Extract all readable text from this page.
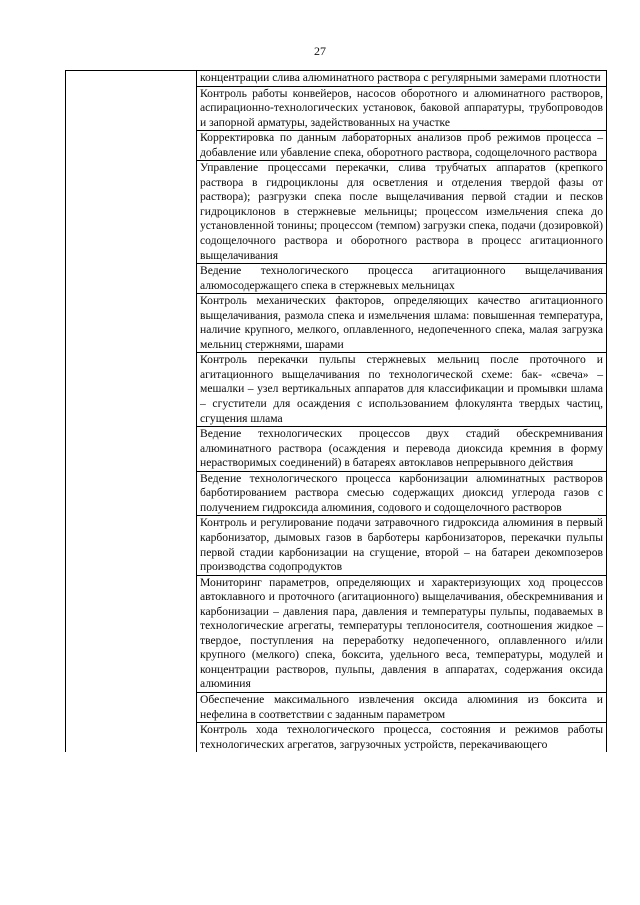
27
	концентрации слива алюминатного раствора с регулярными замерами плотности
Контроль работы конвейеров, насосов оборотного и алюминатного растворов, аспирационно-технологических установок, баковой аппаратуры, трубопроводов и запорной арматуры, задействованных на участке
Корректировка по данным лабораторных анализов проб режимов процесса – добавление или убавление спека, оборотного раствора, содощелочного раствора
Управление процессами перекачки, слива трубчатых аппаратов (крепкого раствора в гидроциклоны для осветления и отделения твердой фазы от раствора); разгрузки спека после выщелачивания первой стадии и песков гидроциклонов в стержневые мельницы; процессом измельчения спека до установленной тонины; процессом (темпом) загрузки спека, подачи (дозировкой) содощелочного раствора и оборотного раствора в процесс агитационного выщелачивания
Ведение технологического процесса агитационного выщелачивания алюмосодержащего спека в стержневых мельницах
Контроль механических факторов, определяющих качество агитационного выщелачивания, размола спека и измельчения шлама: повышенная температура, наличие крупного, мелкого, оплавленного, недопеченного спека, малая загрузка мельниц стержнями, шарами
Контроль перекачки пульпы стержневых мельниц после проточного и агитационного выщелачивания по технологической схеме: бак- «свеча» – мешалки – узел вертикальных аппаратов для классификации и промывки шлама – сгустители для осаждения с использованием флокулянта твердых частиц, сгущения шлама
Ведение технологических процессов двух стадий обескремнивания алюминатного раствора (осаждения и перевода диоксида кремния в форму нерастворимых соединений) в батареях автоклавов непрерывного действия
Ведение технологического процесса карбонизации алюминатных растворов барботированием раствора смесью содержащих диоксид углерода газов с получением гидроксида алюминия, содового и содощелочного растворов
Контроль и регулирование подачи затравочного гидроксида алюминия в первый карбонизатор, дымовых газов в барботеры карбонизаторов, перекачки пульпы первой стадии карбонизации на сгущение, второй – на батареи декомпозеров производства содопродуктов
Мониторинг параметров, определяющих и характеризующих ход процессов автоклавного и проточного (агитационного) выщелачивания, обескремнивания и карбонизации – давления пара, давления и температуры пульпы, подаваемых в технологические агрегаты, температуры теплоносителя, соотношения жидкое – твердое, поступления на переработку недопеченного, оплавленного и/или крупного (мелкого) спека, боксита, удельного веса, температуры, модулей и концентрации растворов, пульпы, давления в аппаратах, содержания оксида алюминия
Обеспечение максимального извлечения оксида алюминия из боксита и нефелина в соответствии с заданным параметром
Контроль хода технологического процесса, состояния и режимов работы технологических агрегатов, загрузочных устройств, перекачивающего
